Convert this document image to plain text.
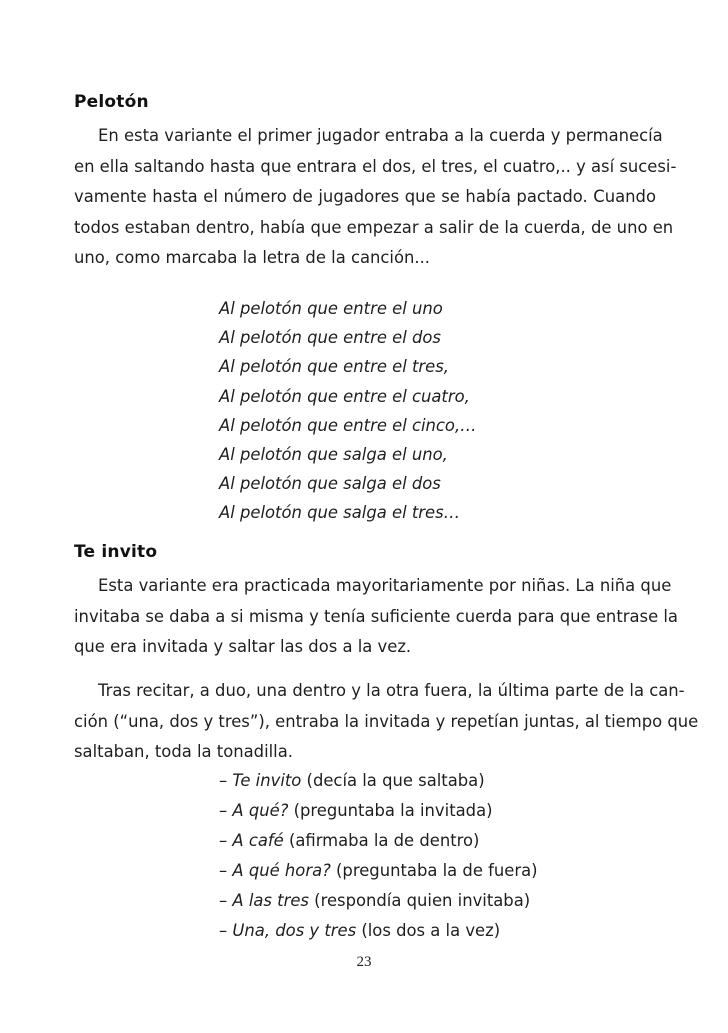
Pelotón
En esta variante el primer jugador entraba a la cuerda y permanecía
en ella saltando hasta que entrara el dos, el tres, el cuatro,.. y así sucesi-
vamente hasta el número de jugadores que se había pactado. Cuando
todos estaban dentro, había que empezar a salir de la cuerda, de uno en
uno, como marcaba la letra de la canción...
Al pelotón que entre el uno
Al pelotón que entre el dos
Al pelotón que entre el tres,
Al pelotón que entre el cuatro,
Al pelotón que entre el cinco,…
Al pelotón que salga el uno,
Al pelotón que salga el dos
Al pelotón que salga el tres…
Te invito
Esta variante era practicada mayoritariamente por niñas. La niña que
invitaba se daba a si misma y tenía suficiente cuerda para que entrase la
que era invitada y saltar las dos a la vez.
Tras recitar, a duo, una dentro y la otra fuera, la última parte de la can-
ción (“una, dos y tres”), entraba la invitada y repetían juntas, al tiempo que
saltaban, toda la tonadilla.
– Te invito (decía la que saltaba)
– A qué? (preguntaba la invitada)
– A café (afirmaba la de dentro)
– A qué hora? (preguntaba la de fuera)
– A las tres (respondía quien invitaba)
– Una, dos y tres (los dos a la vez)
23
